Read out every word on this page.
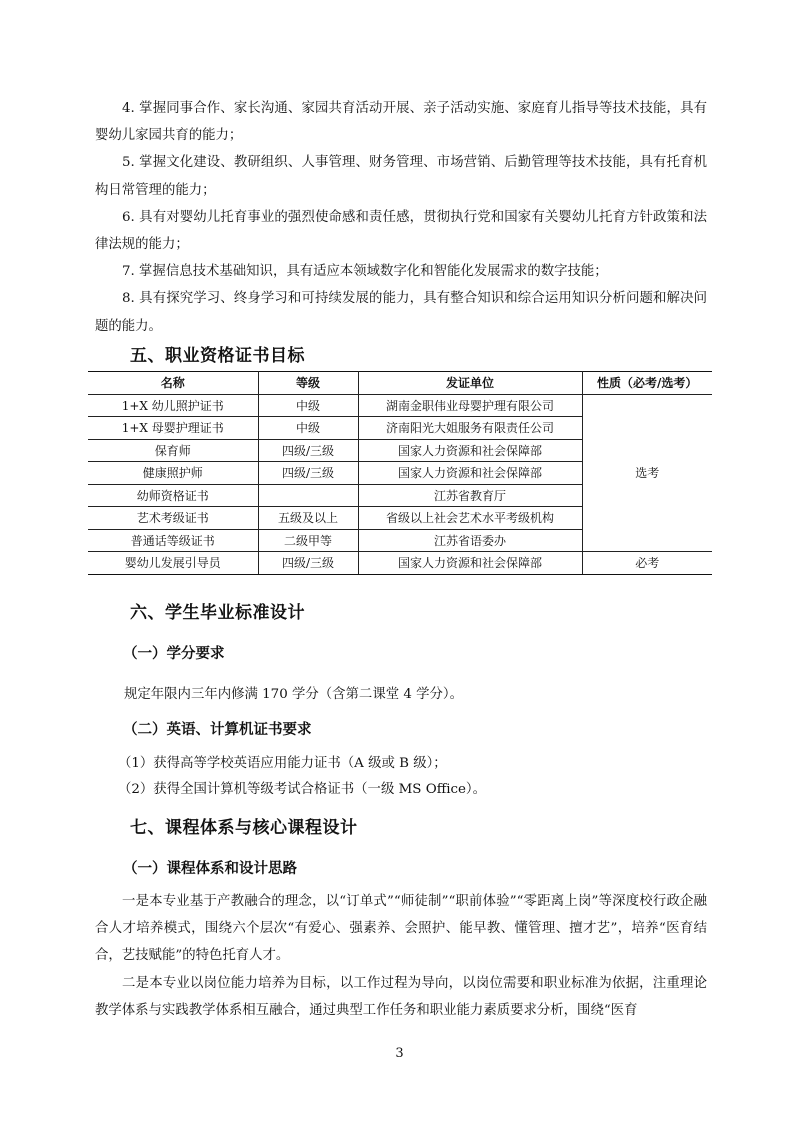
4. 掌握同事合作、家长沟通、家园共育活动开展、亲子活动实施、家庭育儿指导等技术技能，具有婴幼儿家园共育的能力；

5. 掌握文化建设、教研组织、人事管理、财务管理、市场营销、后勤管理等技术技能，具有托育机构日常管理的能力；

6. 具有对婴幼儿托育事业的强烈使命感和责任感，贯彻执行党和国家有关婴幼儿托育方针政策和法律法规的能力；

7. 掌握信息技术基础知识，具有适应本领域数字化和智能化发展需求的数字技能；

8. 具有探究学习、终身学习和可持续发展的能力，具有整合知识和综合运用知识分析问题和解决问题的能力。

五、职业资格证书目标
名称	等级	发证单位	性质（必考/选考）
1+X 幼儿照护证书	中级	湖南金职伟业母婴护理有限公司	选考
1+X 母婴护理证书	中级	济南阳光大姐服务有限责任公司	
保育师	四级/三级	国家人力资源和社会保障部	
健康照护师	四级/三级	国家人力资源和社会保障部	
幼师资格证书		江苏省教育厅	
艺术考级证书	五级及以上	省级以上社会艺术水平考级机构	
普通话等级证书	二级甲等	江苏省语委办	
婴幼儿发展引导员	四级/三级	国家人力资源和社会保障部	必考
六、学生毕业标准设计
（一）学分要求

规定年限内三年内修满 170 学分（含第二课堂 4 学分）。

（二）英语、计算机证书要求

（1）获得高等学校英语应用能力证书（A 级或 B 级）；

（2）获得全国计算机等级考试合格证书（一级 MS Office）。

七、课程体系与核心课程设计
（一）课程体系和设计思路

一是本专业基于产教融合的理念，以“订单式”“师徒制”“职前体验”“零距离上岗”等深度校行政企融合人才培养模式，围绕六个层次“有爱心、强素养、会照护、能早教、懂管理、擅才艺”，培养“医育结合，艺技赋能”的特色托育人才。

二是本专业以岗位能力培养为目标，以工作过程为导向，以岗位需要和职业标准为依据，注重理论教学体系与实践教学体系相互融合，通过典型工作任务和职业能力素质要求分析，围绕“医育

3
